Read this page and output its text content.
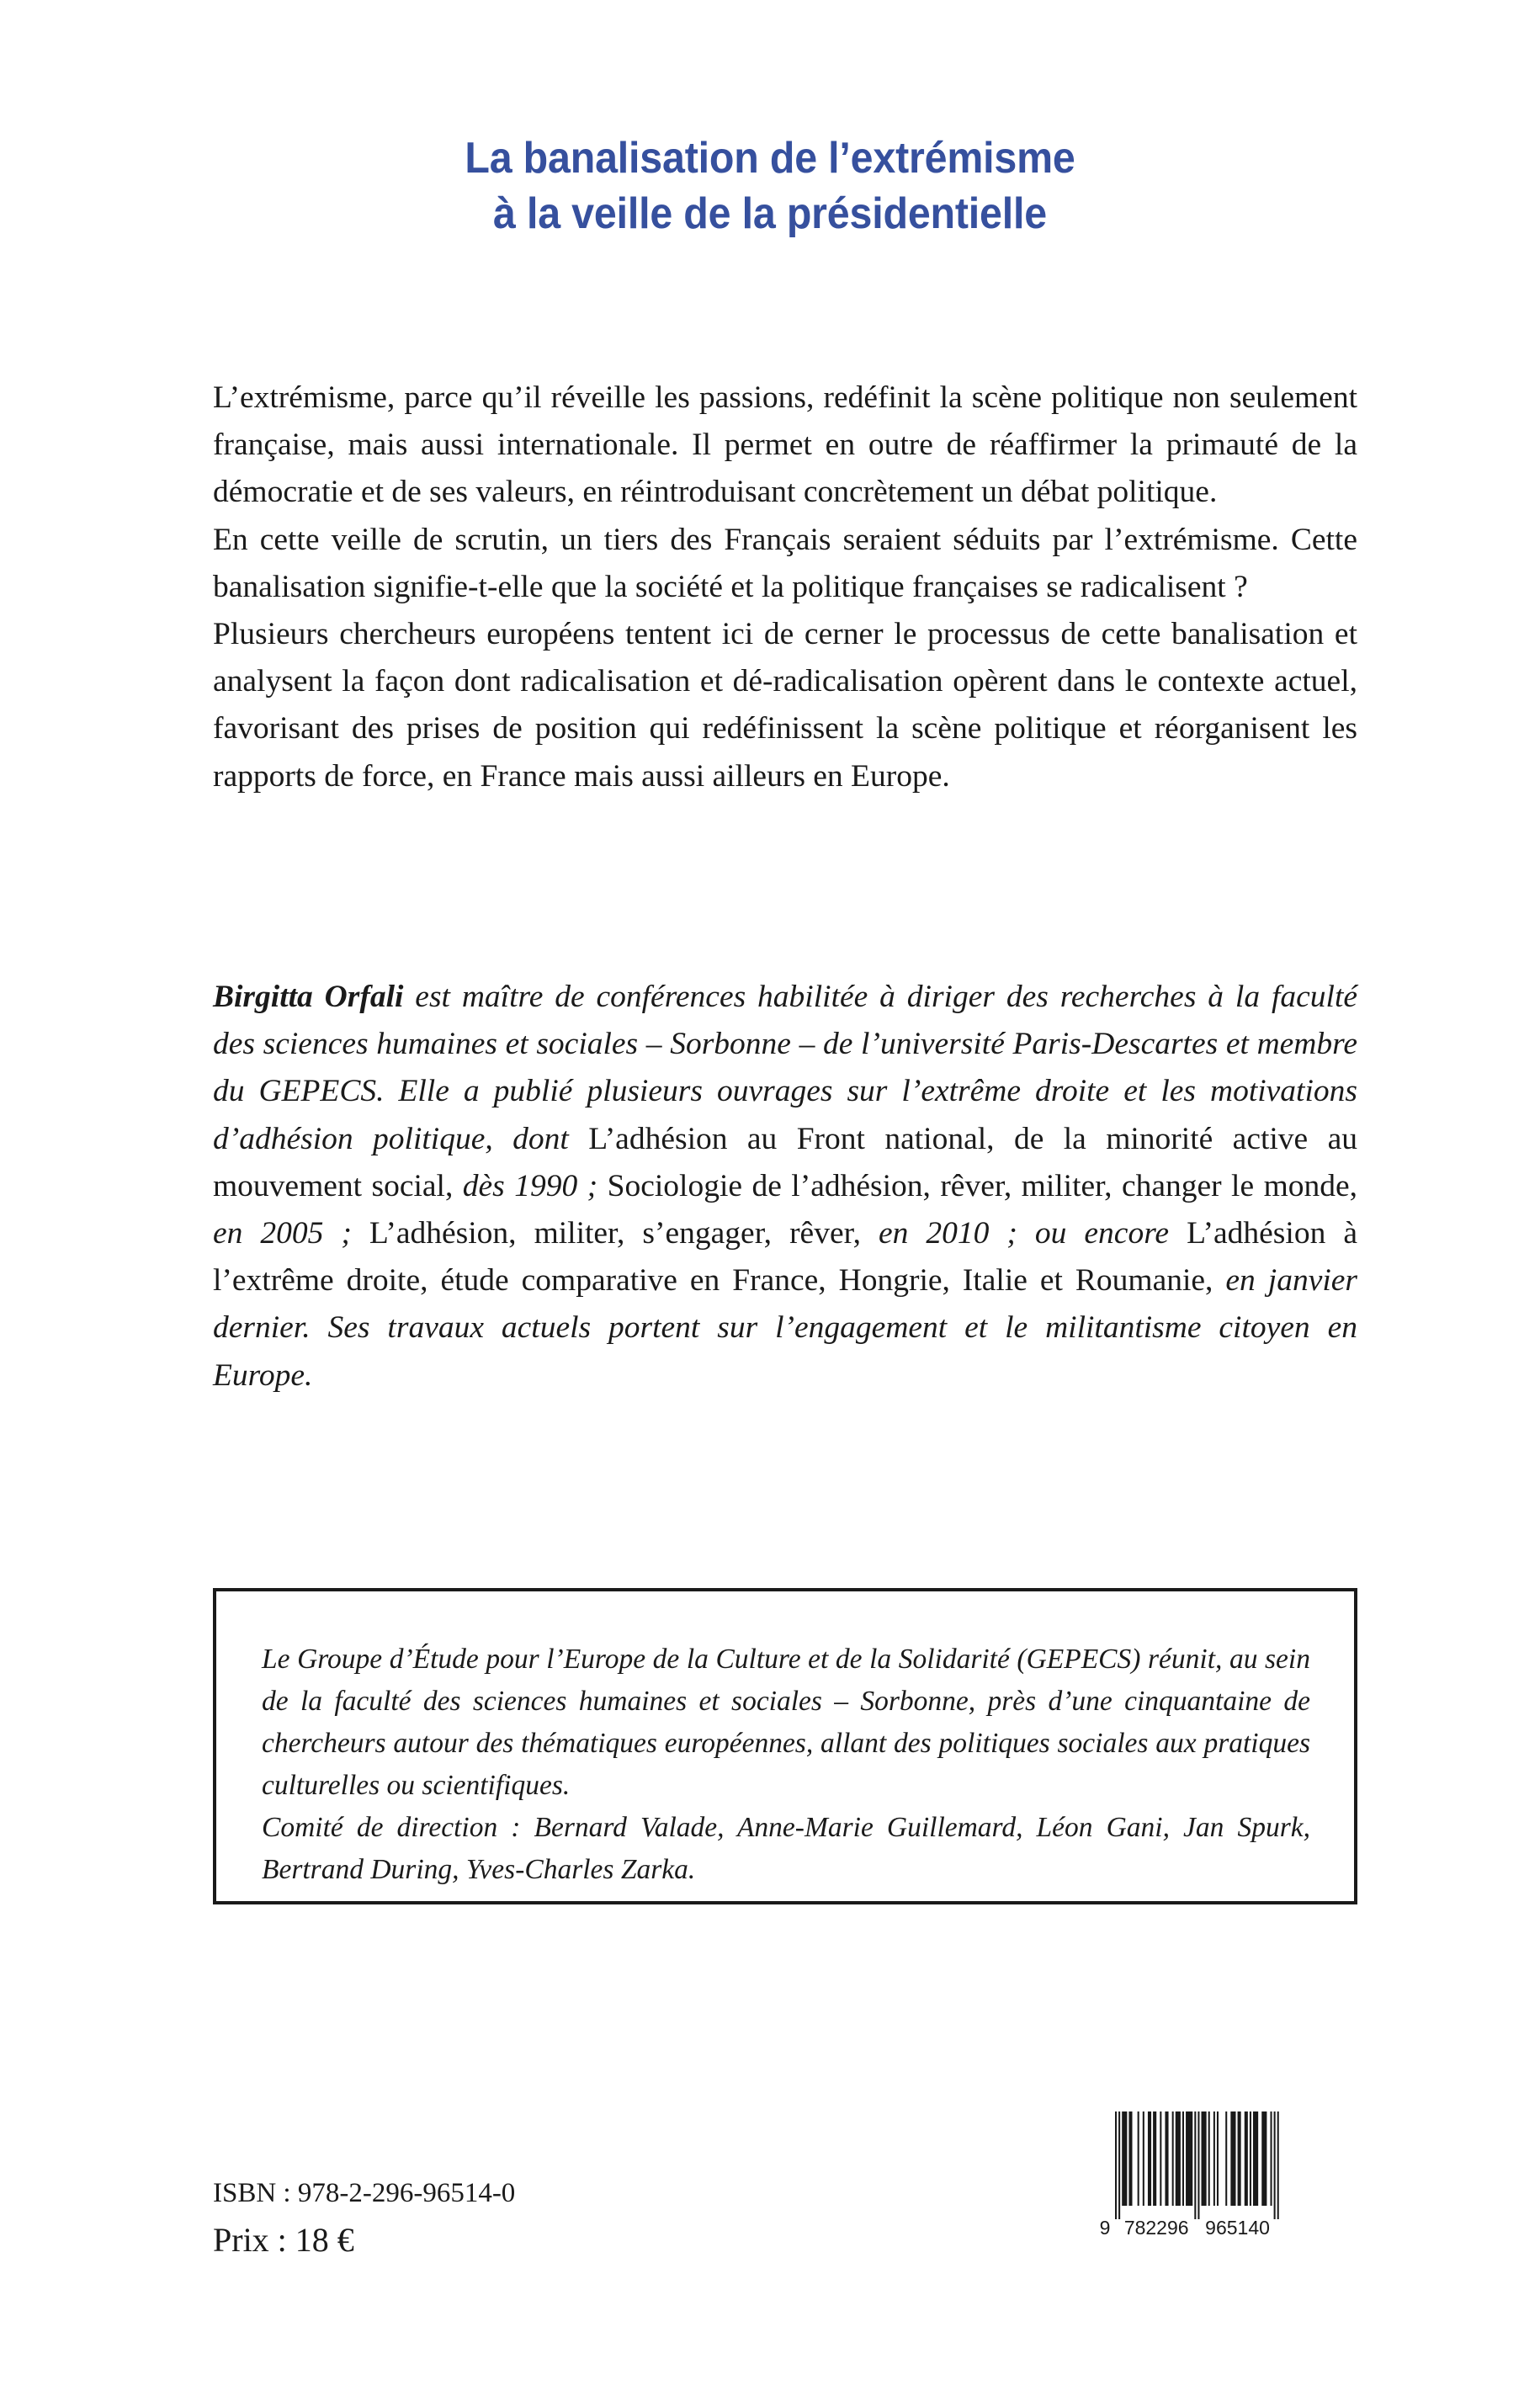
La banalisation de l’extrémisme
à la veille de la présidentielle

L’extrémisme, parce qu’il réveille les passions, redéfinit la scène politique non seulement française, mais aussi internationale. Il permet en outre de réaffirmer la primauté de la démocratie et de ses valeurs, en réintroduisant concrètement un débat politique.

En cette veille de scrutin, un tiers des Français seraient séduits par l’extrémisme. Cette banalisation signifie-t-elle que la société et la politique françaises se radicalisent ?

Plusieurs chercheurs européens tentent ici de cerner le processus de cette banalisation et analysent la façon dont radicalisation et dé-radicalisation opèrent dans le contexte actuel, favorisant des prises de position qui redéfinissent la scène politique et réorganisent les rapports de force, en France mais aussi ailleurs en Europe.

Birgitta Orfali est maître de conférences habilitée à diriger des recherches à la faculté des sciences humaines et sociales – Sorbonne – de l’université Paris-Descartes et membre du GEPECS. Elle a publié plusieurs ouvrages sur l’extrême droite et les motivations d’adhésion politique, dont L’adhésion au Front national, de la minorité active au mouvement social, dès 1990 ; Sociologie de l’adhésion, rêver, militer, changer le monde, en 2005 ; L’adhésion, militer, s’engager, rêver, en 2010 ; ou encore L’adhésion à l’extrême droite, étude comparative en France, Hongrie, Italie et Roumanie, en janvier dernier. Ses travaux actuels portent sur l’engagement et le militantisme citoyen en Europe.

Le Groupe d’Étude pour l’Europe de la Culture et de la Solidarité (GEPECS) réunit, au sein de la faculté des sciences humaines et sociales – Sorbonne, près d’une cinquantaine de chercheurs autour des thématiques européennes, allant des politiques sociales aux pratiques culturelles ou scientifiques.

Comité de direction : Bernard Valade, Anne-Marie Guillemard, Léon Gani, Jan Spurk, Bertrand During, Yves-Charles Zarka.

ISBN : 978-2-296-96514-0
Prix : 18 €	9 782296 965140
